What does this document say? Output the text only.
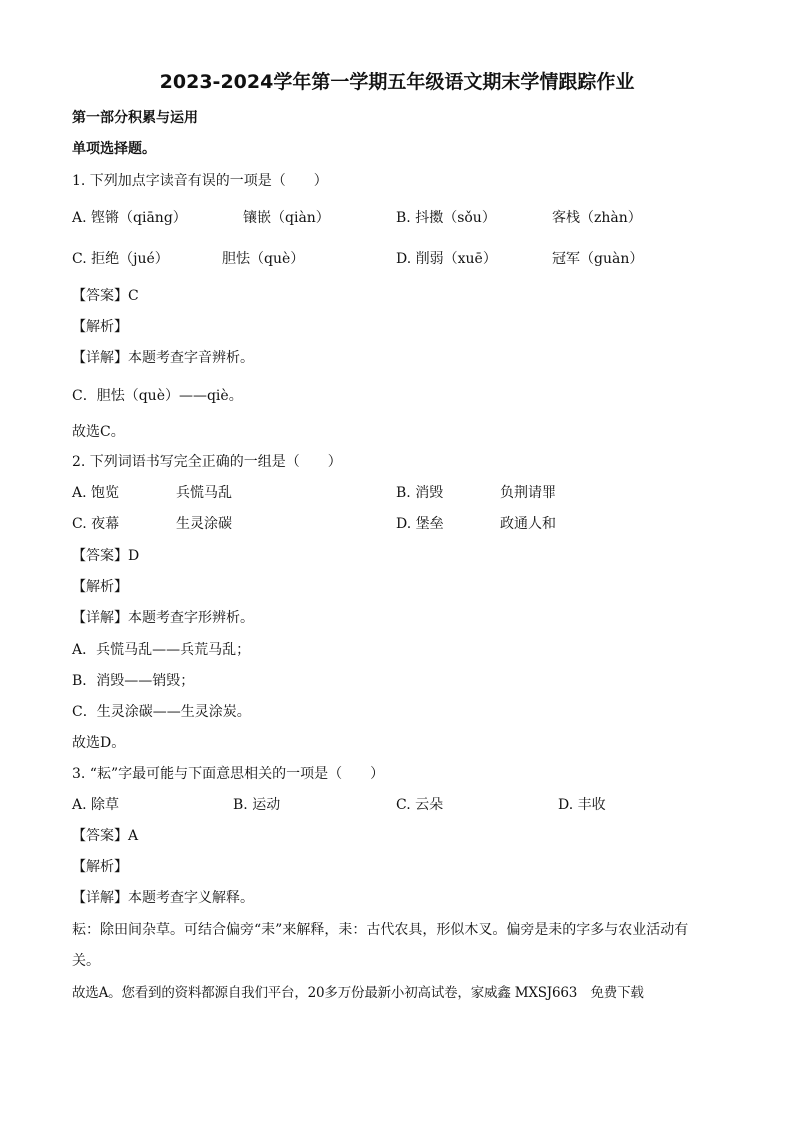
2023-2024学年第一学期五年级语文期末学情跟踪作业
第一部分积累与运用
单项选择题。
1. 下列加点字读音有误的一项是（　　）
A. 铿锵（qiāng）	镶嵌（qiàn）	B. 抖擞（sǒu）	客栈（zhàn）
C. 拒绝（jué）	胆怯（què）	D. 削弱（xuē）	冠军（guàn）
【答案】C
【解析】
【详解】本题考查字音辨析。
C．胆怯（què）——qiè。
故选C。
2. 下列词语书写完全正确的一组是（　　）
A. 饱览	兵慌马乱	B. 消毁	负荆请罪
C. 夜幕	生灵涂碳	D. 堡垒	政通人和
【答案】D
【解析】
【详解】本题考查字形辨析。
A．兵慌马乱——兵荒马乱；
B．消毁——销毁；
C．生灵涂碳——生灵涂炭。
故选D。
3. “耘”字最可能与下面意思相关的一项是（　　）
A. 除草	B. 运动	C. 云朵	D. 丰收
【答案】A
【解析】
【详解】本题考查字义解释。
耘：除田间杂草。可结合偏旁“耒”来解释，耒：古代农具，形似木叉。偏旁是耒的字多与农业活动有
关。
故选A。您看到的资料都源自我们平台，20多万份最新小初高试卷，家威鑫 MXSJ663　免费下载
